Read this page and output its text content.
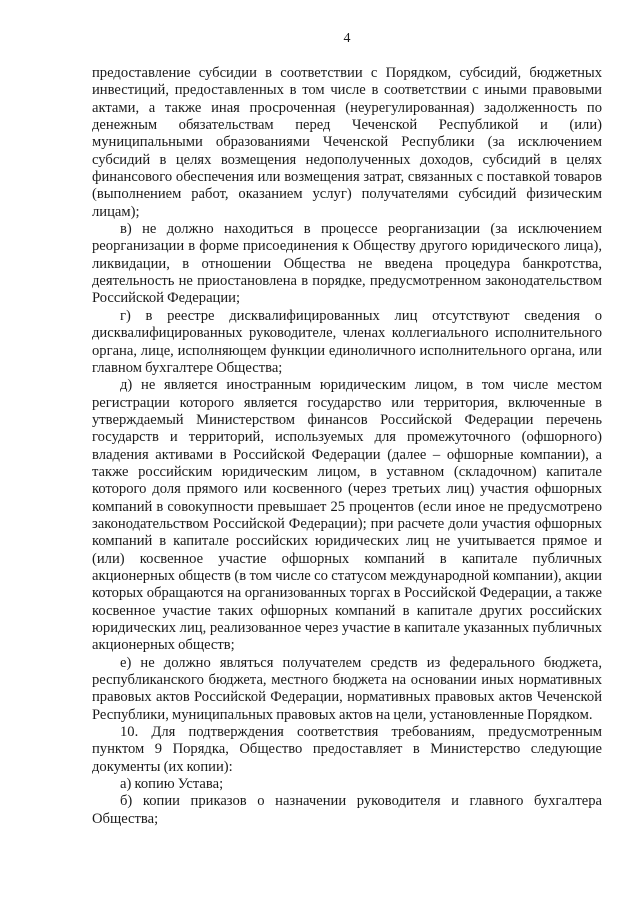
4

предоставление субсидии в соответствии с Порядком, субсидий, бюджетных инвестиций, предоставленных в том числе в соответствии с иными правовыми актами, а также иная просроченная (неурегулированная) задолженность по денежным обязательствам перед Чеченской Республикой и (или) муниципальными образованиями Чеченской Республики (за исключением субсидий в целях возмещения недополученных доходов, субсидий в целях финансового обеспечения или возмещения затрат, связанных с поставкой товаров (выполнением работ, оказанием услуг) получателями субсидий физическим лицам);

в) не должно находиться в процессе реорганизации (за исключением реорганизации в форме присоединения к Обществу другого юридического лица), ликвидации, в отношении Общества не введена процедура банкротства, деятельность не приостановлена в порядке, предусмотренном законодательством Российской Федерации;

г) в реестре дисквалифицированных лиц отсутствуют сведения о дисквалифицированных руководителе, членах коллегиального исполнительного органа, лице, исполняющем функции единоличного исполнительного органа, или главном бухгалтере Общества;

д) не является иностранным юридическим лицом, в том числе местом регистрации которого является государство или территория, включенные в утверждаемый Министерством финансов Российской Федерации перечень государств и территорий, используемых для промежуточного (офшорного) владения активами в Российской Федерации (далее – офшорные компании), а также российским юридическим лицом, в уставном (складочном) капитале которого доля прямого или косвенного (через третьих лиц) участия офшорных компаний в совокупности превышает 25 процентов (если иное не предусмотрено законодательством Российской Федерации); при расчете доли участия офшорных компаний в капитале российских юридических лиц не учитывается прямое и (или) косвенное участие офшорных компаний в капитале публичных акционерных обществ (в том числе со статусом международной компании), акции которых обращаются на организованных торгах в Российской Федерации, а также косвенное участие таких офшорных компаний в капитале других российских юридических лиц, реализованное через участие в капитале указанных публичных акционерных обществ;

е) не должно являться получателем средств из федерального бюджета, республиканского бюджета, местного бюджета на основании иных нормативных правовых актов Российской Федерации, нормативных правовых актов Чеченской Республики, муниципальных правовых актов на цели, установленные Порядком.

10. Для подтверждения соответствия требованиям, предусмотренным пунктом 9 Порядка, Общество предоставляет в Министерство следующие документы (их копии):

а) копию Устава;

б) копии приказов о назначении руководителя и главного бухгалтера Общества;
